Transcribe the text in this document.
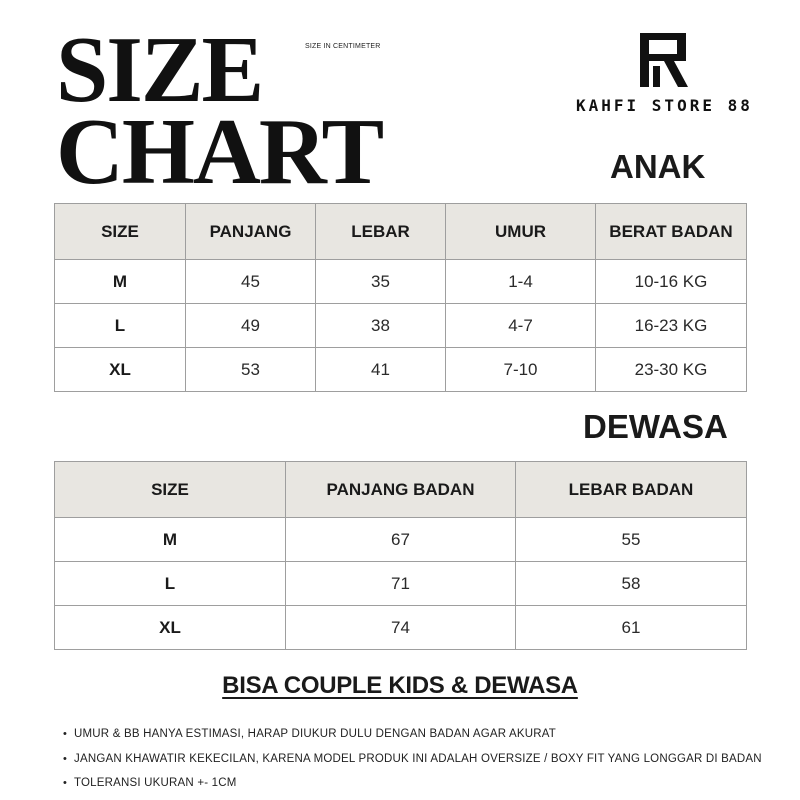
SIZE
CHART
SIZE IN CENTIMETER
KAHFI STORE 88
ANAK
SIZE	PANJANG	LEBAR	UMUR	BERAT BADAN
M	45	35	1-4	10-16 KG
L	49	38	4-7	16-23 KG
XL	53	41	7-10	23-30 KG
DEWASA
SIZE	PANJANG BADAN	LEBAR BADAN
M	67	55
L	71	58
XL	74	61

BISA COUPLE KIDS & DEWASA

• UMUR & BB HANYA ESTIMASI, HARAP DIUKUR DULU DENGAN BADAN AGAR AKURAT
• JANGAN KHAWATIR KEKECILAN, KARENA MODEL PRODUK INI ADALAH OVERSIZE / BOXY FIT YANG LONGGAR DI BADAN
• TOLERANSI UKURAN +- 1CM
